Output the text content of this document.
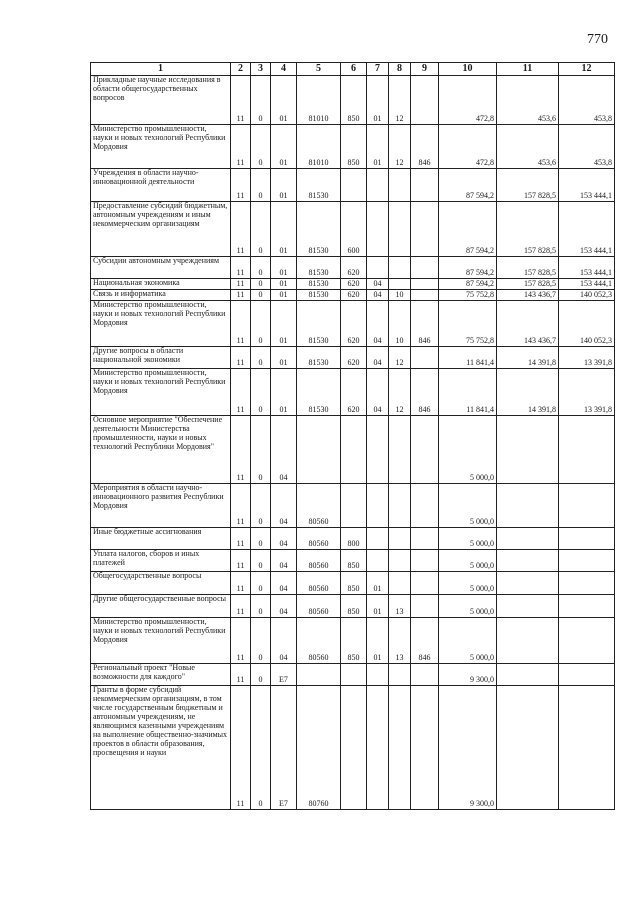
770
1	2	3	4	5	6	7	8	9	10	11	12
Прикладные научные исследования в области общегосударственных вопросов	11	0	01	81010	850	01	12		472,8	453,6	453,8
Министерство промышленности, науки и новых технологий Республики Мордовия	11	0	01	81010	850	01	12	846	472,8	453,6	453,8
Учреждения в области научно-инновационной деятельности	11	0	01	81530					87 594,2	157 828,5	153 444,1
Предоставление субсидий бюджетным, автономным учреждениям и иным некоммерческим организациям	11	0	01	81530	600				87 594,2	157 828,5	153 444,1
Субсидии автономным учреждениям	11	0	01	81530	620				87 594,2	157 828,5	153 444,1
Национальная экономика	11	0	01	81530	620	04			87 594,2	157 828,5	153 444,1
Связь и информатика	11	0	01	81530	620	04	10		75 752,8	143 436,7	140 052,3
Министерство промышленности, науки и новых технологий Республики Мордовия	11	0	01	81530	620	04	10	846	75 752,8	143 436,7	140 052,3
Другие вопросы в области национальной экономики	11	0	01	81530	620	04	12		11 841,4	14 391,8	13 391,8
Министерство промышленности, науки и новых технологий Республики Мордовия	11	0	01	81530	620	04	12	846	11 841,4	14 391,8	13 391,8
Основное мероприятие "Обеспечение деятельности Министерства промышленности, науки и новых технологий Республики Мордовия"	11	0	04						5 000,0		
Мероприятия в области научно-инновационного развития Республики Мордовия	11	0	04	80560					5 000,0		
Иные бюджетные ассигнования	11	0	04	80560	800				5 000,0		
Уплата налогов, сборов и иных платежей	11	0	04	80560	850				5 000,0		
Общегосударственные вопросы	11	0	04	80560	850	01			5 000,0		
Другие общегосударственные вопросы	11	0	04	80560	850	01	13		5 000,0		
Министерство промышленности, науки и новых технологий Республики Мордовия	11	0	04	80560	850	01	13	846	5 000,0		
Региональный проект "Новые возможности для каждого"	11	0	E7						9 300,0		
Гранты в форме субсидий некоммерческим организациям, в том числе государственным бюджетным и автономным учреждениям, не являющимся казенными учреждениям на выполнение общественно-значимых проектов в области образования, просвещения и науки	11	0	E7	80760					9 300,0		
